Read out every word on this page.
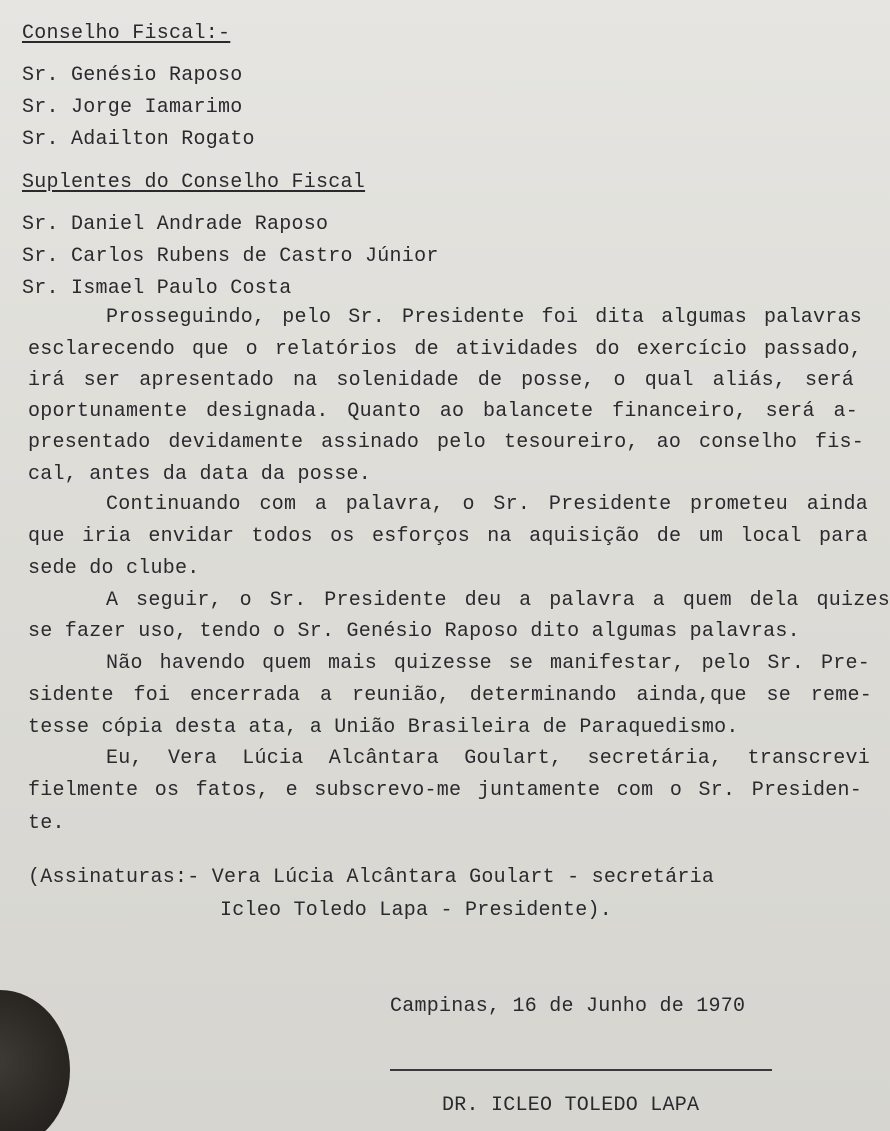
Conselho Fiscal:-
Sr. Genésio Raposo
Sr. Jorge Iamarimo
Sr. Adailton Rogato
Suplentes do Conselho Fiscal
Sr. Daniel Andrade Raposo
Sr. Carlos Rubens de Castro Júnior
Sr. Ismael Paulo Costa
Prosseguindo, pelo Sr. Presidente foi dita algumas palavras
esclarecendo que o relatórios de atividades do exercício passado,
irá ser apresentado na solenidade de posse, o qual aliás, será
oportunamente designada. Quanto ao balancete financeiro, será a-
presentado devidamente assinado pelo tesoureiro, ao conselho fis-
cal, antes da data da posse.
Continuando com a palavra, o Sr. Presidente prometeu ainda
que iria envidar todos os esforços na aquisição de um local para
sede do clube.
A seguir, o Sr. Presidente deu a palavra a quem dela quizes
se fazer uso, tendo o Sr. Genésio Raposo dito algumas palavras.
Não havendo quem mais quizesse se manifestar, pelo Sr. Pre-
sidente foi encerrada a reunião, determinando ainda,que se reme-
tesse cópia desta ata, a União Brasileira de Paraquedismo.
Eu, Vera Lúcia Alcântara Goulart, secretária, transcrevi
fielmente os fatos, e subscrevo-me juntamente com o Sr. Presiden-
te.
(Assinaturas:- Vera Lúcia Alcântara Goulart - secretária
Icleo Toledo Lapa - Presidente).
Campinas, 16 de Junho de 1970
DR. ICLEO TOLEDO LAPA
